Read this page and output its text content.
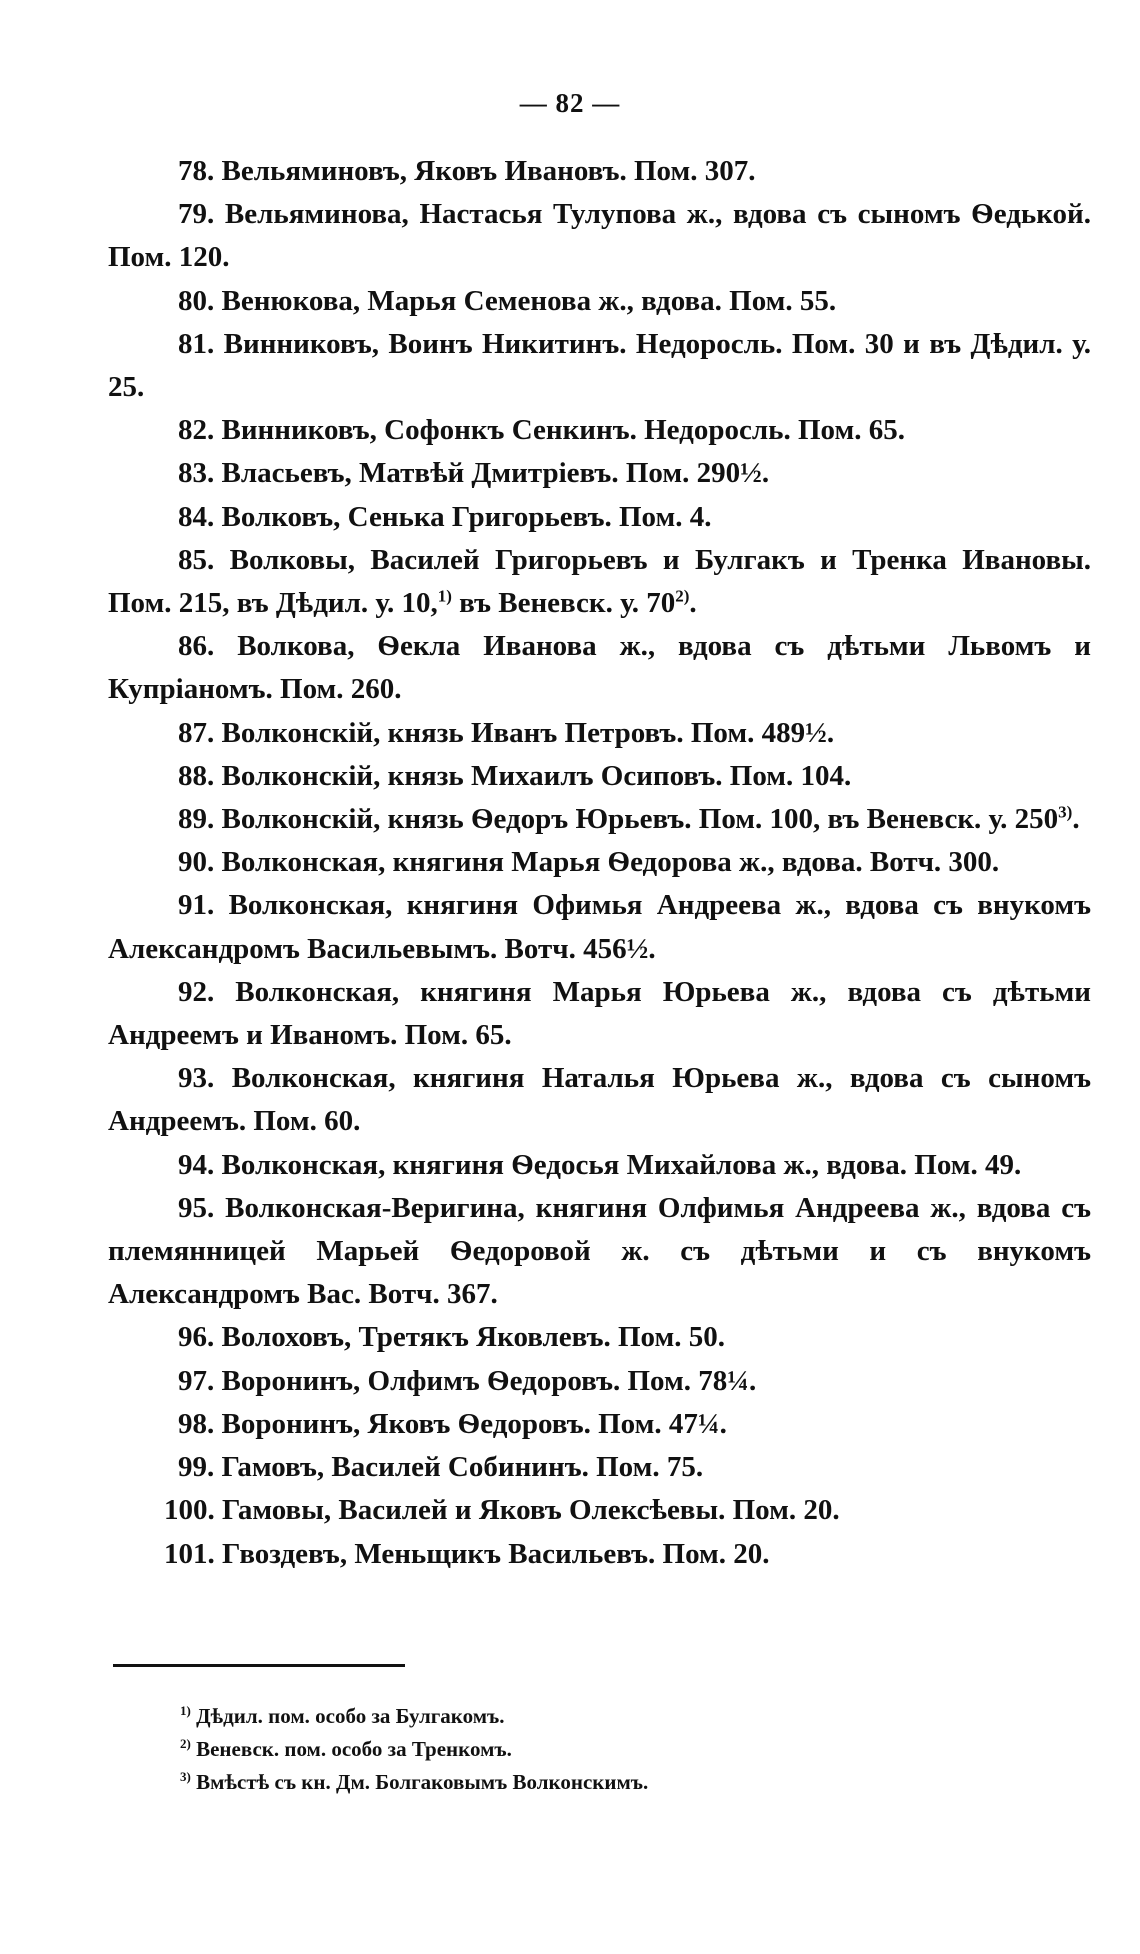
— 82 —

78. Вельяминовъ, Яковъ Ивановъ. Пом. 307.

79. Вельяминова, Настасья Тулупова ж., вдова съ сыномъ Ѳедькой. Пом. 120.

80. Венюкова, Марья Семенова ж., вдова. Пом. 55.

81. Винниковъ, Воинъ Никитинъ. Недоросль. Пом. 30 и въ Дѣдил. у. 25.

82. Винниковъ, Софонкъ Сенкинъ. Недоросль. Пом. 65.

83. Власьевъ, Матвѣй Дмитріевъ. Пом. 290½.

84. Волковъ, Сенька Григорьевъ. Пом. 4.

85. Волковы, Василей Григорьевъ и Булгакъ и Тренка Ивановы. Пом. 215, въ Дѣдил. у. 10,$^{1)}$ въ Веневск. у. 70$^{2)}$.

86. Волкова, Ѳекла Иванова ж., вдова съ дѣтьми Львомъ и Купріаномъ. Пом. 260.

87. Волконскій, князь Иванъ Петровъ. Пом. 489½.

88. Волконскій, князь Михаилъ Осиповъ. Пом. 104.

89. Волконскій, князь Ѳедоръ Юрьевъ. Пом. 100, въ Веневск. у. 250$^{3)}$.

90. Волконская, княгиня Марья Ѳедорова ж., вдова. Вотч. 300.

91. Волконская, княгиня Офимья Андреева ж., вдова съ внукомъ Александромъ Васильевымъ. Вотч. 456½.

92. Волконская, княгиня Марья Юрьева ж., вдова съ дѣтьми Андреемъ и Иваномъ. Пом. 65.

93. Волконская, княгиня Наталья Юрьева ж., вдова съ сыномъ Андреемъ. Пом. 60.

94. Волконская, княгиня Ѳедосья Михайлова ж., вдова. Пом. 49.

95. Волконская-Веригина, княгиня Олфимья Андреева ж., вдова съ племянницей Марьей Ѳедоровой ж. съ дѣтьми и съ внукомъ Александромъ Вас. Вотч. 367.

96. Волоховъ, Третякъ Яковлевъ. Пом. 50.

97. Воронинъ, Олфимъ Ѳедоровъ. Пом. 78¼.

98. Воронинъ, Яковъ Ѳедоровъ. Пом. 47¼.

99. Гамовъ, Василей Собининъ. Пом. 75.

100. Гамовы, Василей и Яковъ Олексѣевы. Пом. 20.

101. Гвоздевъ, Меньщикъ Васильевъ. Пом. 20.

$^{1)}$ Дѣдил. пом. особо за Булгакомъ.

$^{2)}$ Веневск. пом. особо за Тренкомъ.

$^{3)}$ Вмѣстѣ съ кн. Дм. Болгаковымъ Волконскимъ.
